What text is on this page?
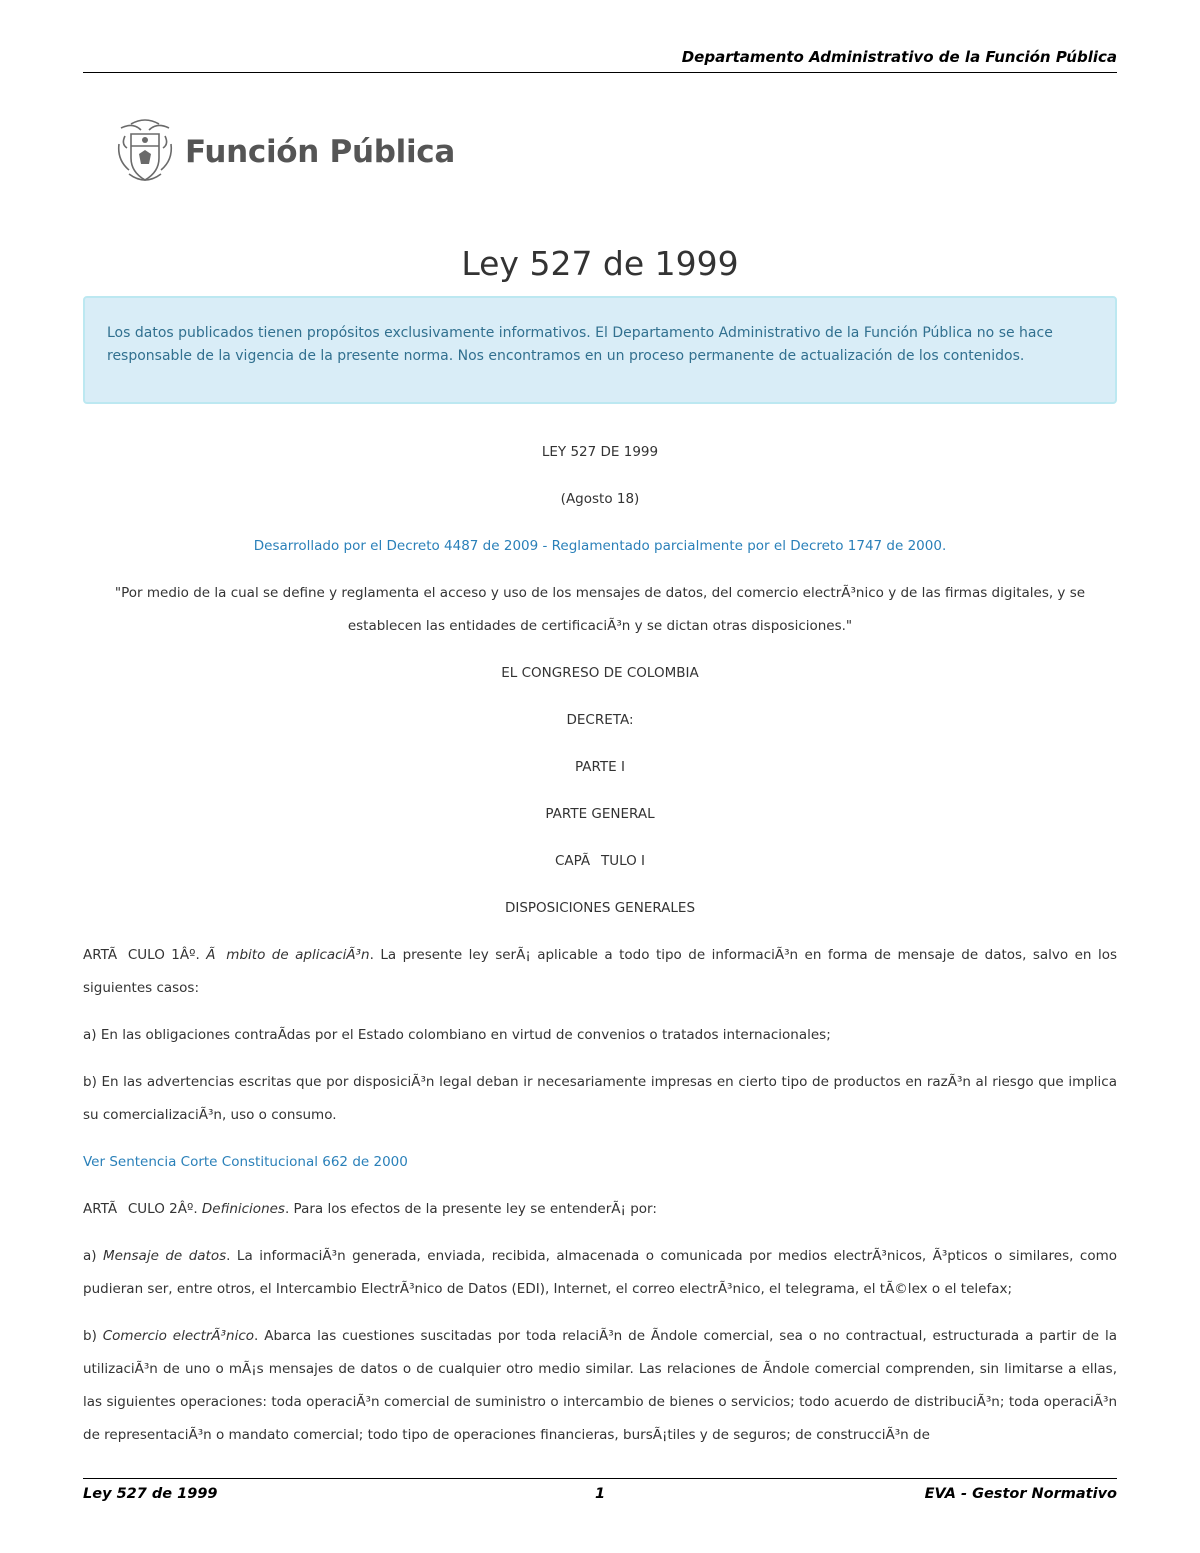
Departamento Administrativo de la Función Pública
Función Pública
Ley 527 de 1999
Los datos publicados tienen propósitos exclusivamente informativos. El Departamento Administrativo de la Función Pública no se hace responsable de la vigencia de la presente norma. Nos encontramos en un proceso permanente de actualización de los contenidos.

LEY 527 DE 1999

(Agosto 18)

Desarrollado por el Decreto 4487 de 2009 - Reglamentado parcialmente por el Decreto 1747 de 2000.

"Por medio de la cual se define y reglamenta el acceso y uso de los mensajes de datos, del comercio electrÃ³nico y de las firmas digitales, y se establecen las entidades de certificaciÃ³n y se dictan otras disposiciones."

EL CONGRESO DE COLOMBIA

DECRETA:

PARTE I

PARTE GENERAL

CAPÃTULO I

DISPOSICIONES GENERALES

ARTÃCULO 1Âº. Ãmbito de aplicaciÃ³n. La presente ley serÃ¡ aplicable a todo tipo de informaciÃ³n en forma de mensaje de datos, salvo en los siguientes casos:

a) En las obligaciones contraÃdas por el Estado colombiano en virtud de convenios o tratados internacionales;

b) En las advertencias escritas que por disposiciÃ³n legal deban ir necesariamente impresas en cierto tipo de productos en razÃ³n al riesgo que implica su comercializaciÃ³n, uso o consumo.

Ver Sentencia Corte Constitucional 662 de 2000

ARTÃCULO 2Âº. Definiciones. Para los efectos de la presente ley se entenderÃ¡ por:

a) Mensaje de datos. La informaciÃ³n generada, enviada, recibida, almacenada o comunicada por medios electrÃ³nicos, Ã³pticos o similares, como pudieran ser, entre otros, el Intercambio ElectrÃ³nico de Datos (EDI), Internet, el correo electrÃ³nico, el telegrama, el tÃ©lex o el telefax;

b) Comercio electrÃ³nico. Abarca las cuestiones suscitadas por toda relaciÃ³n de Ãndole comercial, sea o no contractual, estructurada a partir de la utilizaciÃ³n de uno o mÃ¡s mensajes de datos o de cualquier otro medio similar. Las relaciones de Ãndole comercial comprenden, sin limitarse a ellas, las siguientes operaciones: toda operaciÃ³n comercial de suministro o intercambio de bienes o servicios; todo acuerdo de distribuciÃ³n; toda operaciÃ³n de representaciÃ³n o mandato comercial; todo tipo de operaciones financieras, bursÃ¡tiles y de seguros; de construcciÃ³n de

Ley 527 de 1999	1	EVA - Gestor Normativo
